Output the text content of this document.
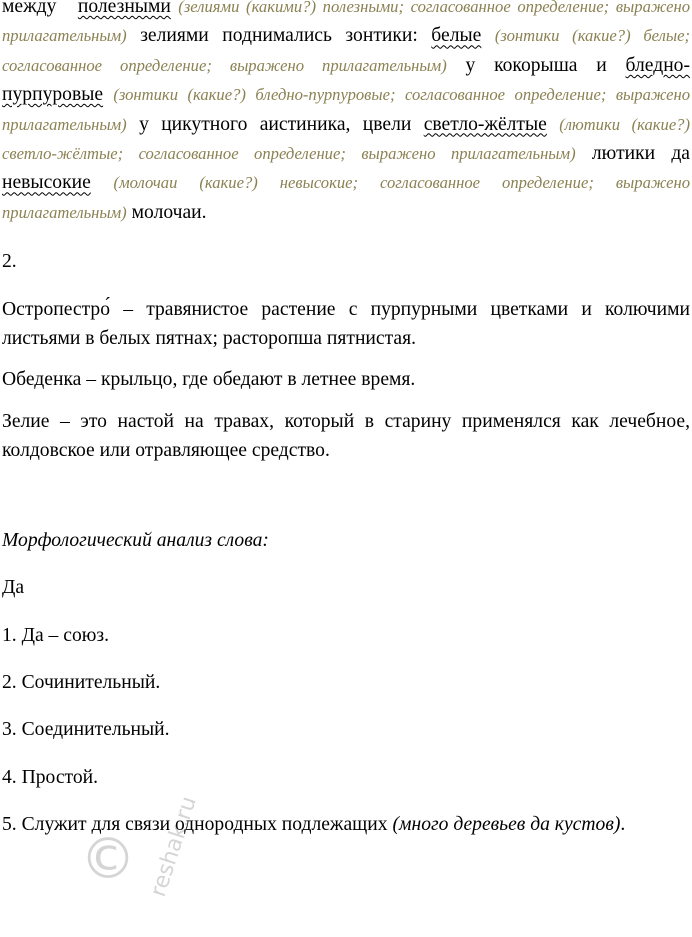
между полезными (зелиями (какими?) полезными; согласованное определение; выражено прилагательным) зелиями поднимались зонтики: белые (зонтики (какие?) белые; согласованное определение; выражено прилагательным) у кокорыша и бледно-пурпуровые (зонтики (какие?) бледно-пурпуровые; согласованное определение; выражено прилагательным) у цикутного аистиника, цвели светло-жёлтые (лютики (какие?) светло-жёлтые; согласованное определение; выражено прилагательным) лютики да невысокие (молочаи (какие?) невысокие; согласованное определение; выражено прилагательным) молочаи.

2.

Остропестро́ – травянистое растение с пурпурными цветками и колючими листьями в белых пятнах; расторопша пятнистая.

Обеденка – крыльцо, где обедают в летнее время.

Зелие – это настой на травах, который в старину применялся как лечебное, колдовское или отравляющее средство.

Морфологический анализ слова:

Да

1. Да – союз.

2. Сочинительный.

3. Соединительный.

4. Простой.

5. Служит для связи однородных подлежащих (много деревьев да кустов).

© reshak.ru
